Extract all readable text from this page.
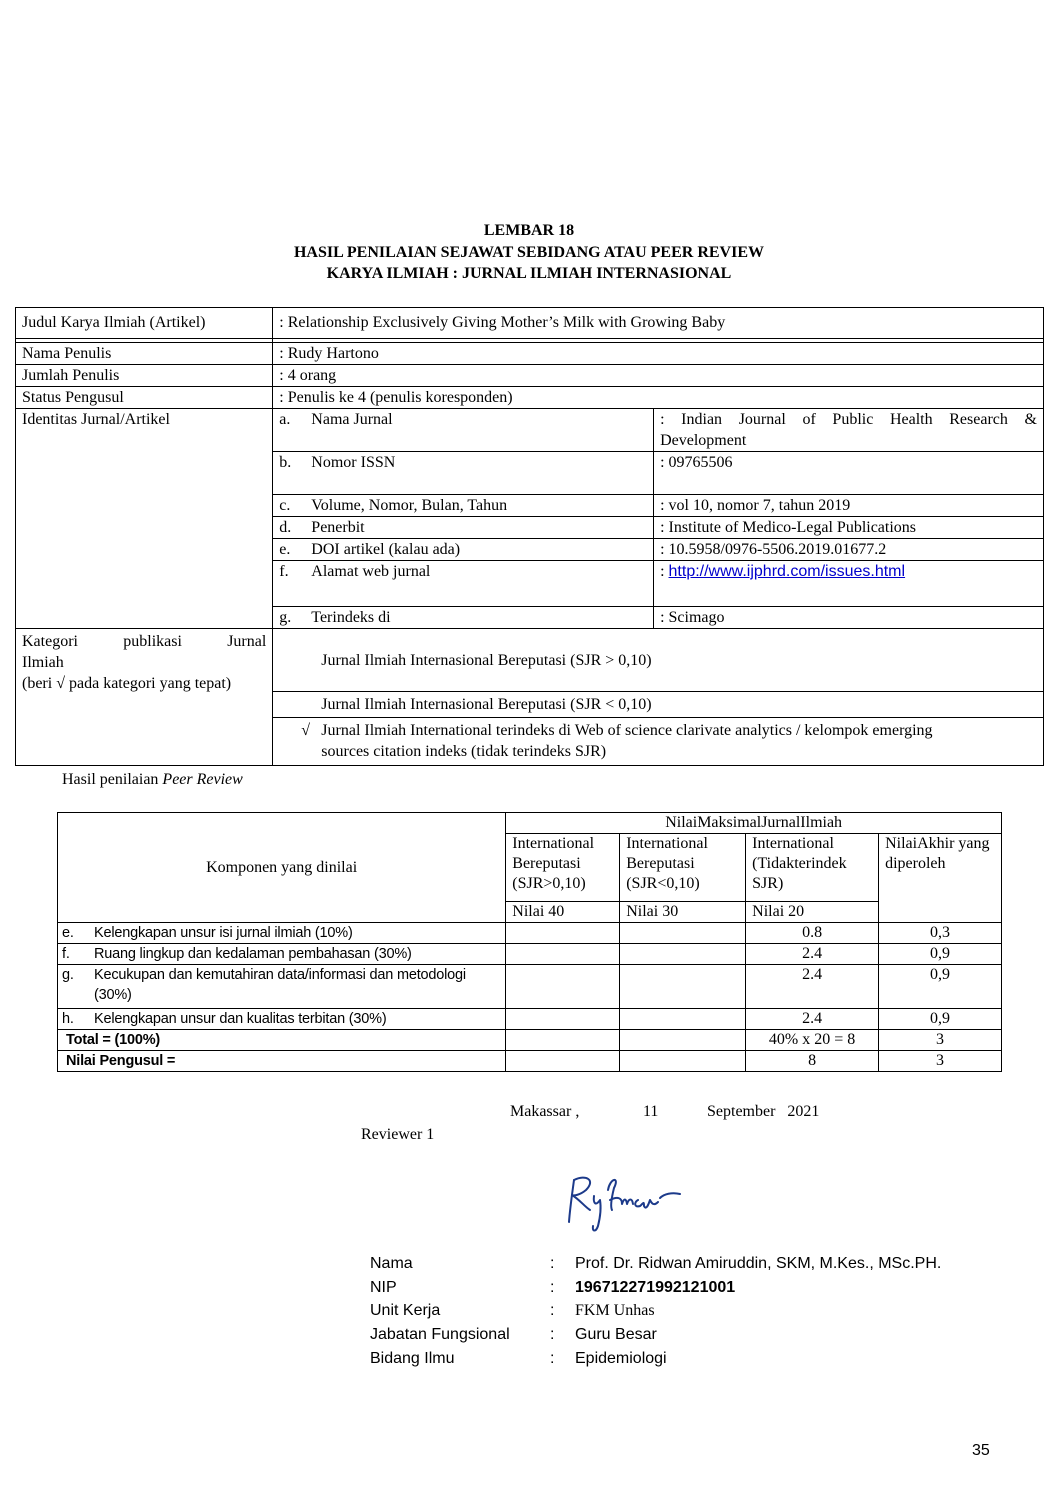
LEMBAR 18
HASIL PENILAIAN SEJAWAT SEBIDANG ATAU PEER REVIEW
KARYA ILMIAH : JURNAL ILMIAH INTERNASIONAL
Judul Karya Ilmiah (Artikel)	: Relationship Exclusively Giving Mother’s Milk with Growing Baby	

Nama Penulis	: Rudy Hartono	
Jumlah Penulis	: 4 orang	
Status Pengusul	: Penulis ke 4 (penulis koresponden)	
Identitas Jurnal/Artikel	a. Nama Jurnal	: Indian Journal of Public Health Research & Development
	b. Nomor ISSN	: 09765506
	c. Volume, Nomor, Bulan, Tahun	: vol 10, nomor 7, tahun 2019
	d. Penerbit	: Institute of Medico-Legal Publications
	e. DOI artikel (kalau ada)	: 10.5958/0976-5506.2019.01677.2
	f. Alamat web jurnal	: http://www.ijphrd.com/issues.html
	g. Terindeks di	: Scimago

Kategori publikasi Jurnal
Ilmiah
(beri √ pada kategori yang tepat)	Jurnal Ilmiah Internasional Bereputasi (SJR > 0,10)	
	Jurnal Ilmiah Internasional Bereputasi (SJR < 0,10)	

	√ Jurnal Ilmiah International terindeks di Web of science clarivate analytics / kelompok emerging sources citation indeks (tidak terindeks SJR)	
Hasil penilaian Peer Review
Komponen yang dinilai	NilaiMaksimalJurnalIlmiah			
	International Bereputasi (SJR>0,10)	International Bereputasi (SJR<0,10)	International (Tidakterindek SJR)	NilaiAkhir yang diperoleh
	Nilai 40	Nilai 30	Nilai 20	
e. Kelengkapan unsur isi jurnal ilmiah (10%)			0.8	0,3
f. Ruang lingkup dan kedalaman pembahasan (30%)			2.4	0,9

g. Kecukupan dan kemutahiran data/informasi dan metodologi (30%)			2.4	0,9
h. Kelengkapan unsur dan kualitas terbitan (30%)			2.4	0,9
Total = (100%)			40% x 20 = 8	3
Nilai Pengusul =			8	3
Makassar ,	11	September   2021
Reviewer 1
Nama	: Prof. Dr. Ridwan Amiruddin, SKM, M.Kes., MSc.PH.
NIP	: 196712271992121001
Unit Kerja	: FKM Unhas
Jabatan Fungsional	: Guru Besar
Bidang Ilmu	: Epidemiologi
35
